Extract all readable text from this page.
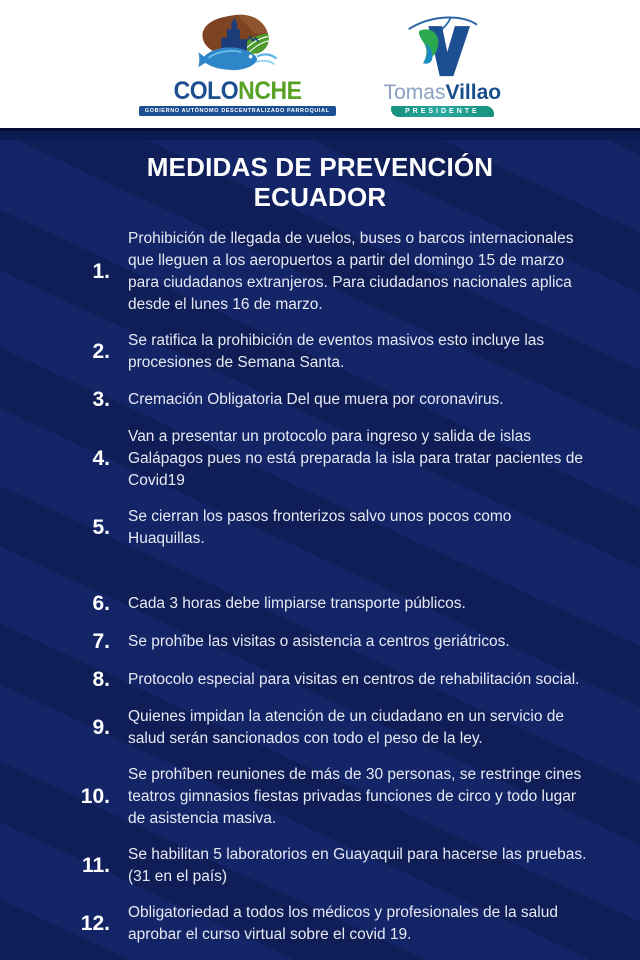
COLONCHE
GOBIERNO AUTÓNOMO DESCENTRALIZADO PARROQUIAL
TomasVillao
PRESIDENTE
MEDIDAS DE PREVENCIÓN
ECUADOR
1.
Prohibición de llegada de vuelos, buses o barcos internacionales que lleguen a los aeropuertos a partir del domingo 15 de marzo para ciudadanos extranjeros. Para ciudadanos nacionales aplica desde el lunes 16 de marzo.
2. Se ratifica la prohibición de eventos masivos esto incluye las procesiones de Semana Santa.
3. Cremación Obligatoria Del que muera por coronavirus.
4.
Van a presentar un protocolo para ingreso y salida de islas Galápagos pues no está preparada la isla para tratar pacientes de Covid19
5. Se cierran los pasos fronterizos salvo unos pocos como Huaquillas.
6. Cada 3 horas debe limpiarse transporte públicos.
7. Se prohîbe las visitas o asistencia a centros geriátricos.
8. Protocolo especial para visitas en centros de rehabilitación social.
9. Quienes impidan la atención de un ciudadano en un servicio de salud serán sancionados con todo el peso de la ley.
10.
Se prohîben reuniones de más de 30 personas, se restringe cines teatros gimnasios fiestas privadas funciones de circo y todo lugar de asistencia masiva.
11. Se habilitan 5 laboratorios en Guayaquil para hacerse las pruebas. (31 en el país)
12. Obligatoriedad a todos los médicos y profesionales de la salud aprobar el curso virtual sobre el covid 19.
